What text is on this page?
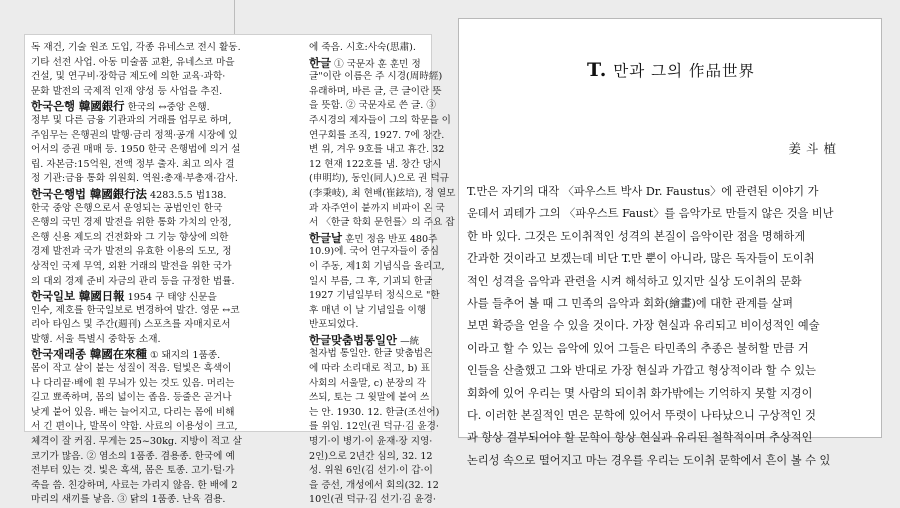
독 재건, 기술 원조 도입, 각종 유네스코 전시 활동.
기타 선전 사업. 아동 미술품 교환, 유네스코 마을
건설, 및 연구비·장학금 제도에 의한 교육·과학·
문화 발전의 국제적 인재 양성 등 사업을 추진.
한국은행 韓國銀行 한국의 ↔중앙 은행.
정부 및 다른 금융 기관과의 거래를 업무로 하며,
주임무는 은행권의 발행·금리 정책·공개 시장에 있
어서의 증권 매매 등. 1950 한국 은행법에 의거 설
립. 자본금:15억원, 전액 정부 출자. 최고 의사 결
정 기관:금융 통화 위원회. 역원:총재·부총재·감사.
한국은행법 韓國銀行法 4283.5.5 법138.
한국 중앙 은행으로서 운영되는 공법인인 한국
은행의 국민 경제 발전을 위한 통화 가치의 안정,
은행 신용 제도의 건전화와 그 기능 향상에 의한
경제 발전과 국가 발전의 유효한 이용의 도모, 정
상적인 국제 무역, 외환 거래의 발전을 위한 국가
의 대외 경제 준비 자금의 관리 등을 규정한 법률.
한국일보 韓國日報 1954 구 태양 신문을
인수, 제호를 한국일보로 변경하여 발간. 영문 ↔코
리아 타임스 및 주간(週刊) 스포츠를 자매지로서
발행. 서울 특별시 중학동 소재.
한국재래종 韓國在來種 ① 돼지의 1품종.
몸이 작고 살이 붙는 성질이 적음. 털빛은 흑색이
나 다리끝·배에 흰 무늬가 있는 것도 있음. 머리는
길고 뾰족하며, 몸의 넓이는 좁음. 등줄은 곧거나
낮게 붙어 있음. 배는 늘어지고, 다리는 몸에 비해
서 긴 편이나, 발목이 약함. 사료의 이용성이 크고,
체격이 잘 커짐. 무게는 25~30kg. 지방이 적고 살
코기가 많음. ② 염소의 1품종. 겸용종. 한국에 예
전부터 있는 것. 빛은 흑색, 몸은 토종. 고기·털·가
죽을 씀. 친강하며, 사료는 가리지 않음. 한 배에 2
마리의 새끼를 낳음. ③ 닭의 1품종. 난육 겸용.
에 죽음. 시호:사숙(思肅).
한글 ① 국문자 훈 훈민 정
글"이란 이름은 주 시경(周時經)
유래하며, 바른 글, 큰 글이란 뜻
을 뜻함. ② 국문자로 쓴 글. ③
주시경의 제자들이 그의 학문을 이
연구회를 조직, 1927. 7에 창간.
변 위, 겨우 9호를 내고 휴간. 32
12 현재 122호를 냄. 창간 당시
(申明均), 동인(同人)으로 권 덕규
(李秉岐), 최 현배(崔鉉培), 정 열모
과 자주연이 붙까지 비파이 온 국
서 〈한글 학회 문헌를〉의 주요 잡
한글날 훈민 정음 반포 480주
10.9)에. 국어 연구자들이 중심
이 주동, 제1회 기념식을 올리고,
일시 부름, 그 후, 기괴되 한글
1927 기념일부터 정식으로 "한
후 매년 이 날 기념일을 이행
반포되었다.
한글맞춤법통일안 —統
철자법 통일안. 한글 맞춤법은
에 따라 소리대로 적고, b) 표
사회의 서울말, c) 분장의 각
쓰되, 토는 그 윗말에 붙여 쓰
는 안. 1930. 12. 한글(조선어)
를 위임. 12인(권 덕규·김 윤경·
명기·이 병기·이 윤재·장 지영·
2인)으로 2년간 심의, 32. 12
성. 위원 6인(김 선기·이 갑·이
을 증선, 개성에서 회의(32. 12
10인(권 덕규·김 선기·김 윤경·
T. 만과 그의 作品世界
姜斗植
T.만은 자기의 대작 〈파우스트 박사 Dr. Faustus〉에 관련된 이야기 가
운데서 괴테가 그의 〈파우스트 Faust〉를 음악가로 만들지 않은 것을 비난
한 바 있다. 그것은 도이취적인 성격의 본질이 음악이란 점을 명해하게
간과한 것이라고 보겠는데 비단 T.만 뿐이 아니라, 많은 독자들이 도이취
적인 성격을 음악과 관련을 시켜 해석하고 있지만 실상 도이취의 문화
사를 들추어 볼 때 그 민족의 음악과 회화(繪畫)에 대한 관계를 살펴
보면 확증을 얻을 수 있을 것이다. 가장 현실과 유리되고 비이성적인 예술
이라고 할 수 있는 음악에 있어 그들은 타민족의 추종은 불허할 만큼 거
인들을 산출했고 그와 반대로 가장 현실과 가깝고 형상적이라 할 수 있는
회화에 있어 우리는 몇 사람의 되이취 화가밖에는 기억하지 못할 지경이
다. 이러한 본질적인 면은 문학에 있어서 뚜렷이 나타났으니 구상적인 것
과 항상 결부되어야 할 문학이 항상 현실과 유리된 철학적이며 추상적인
논리성 속으로 떨어지고 마는 경우를 우리는 도이취 문학에서 흔이 볼 수 있
